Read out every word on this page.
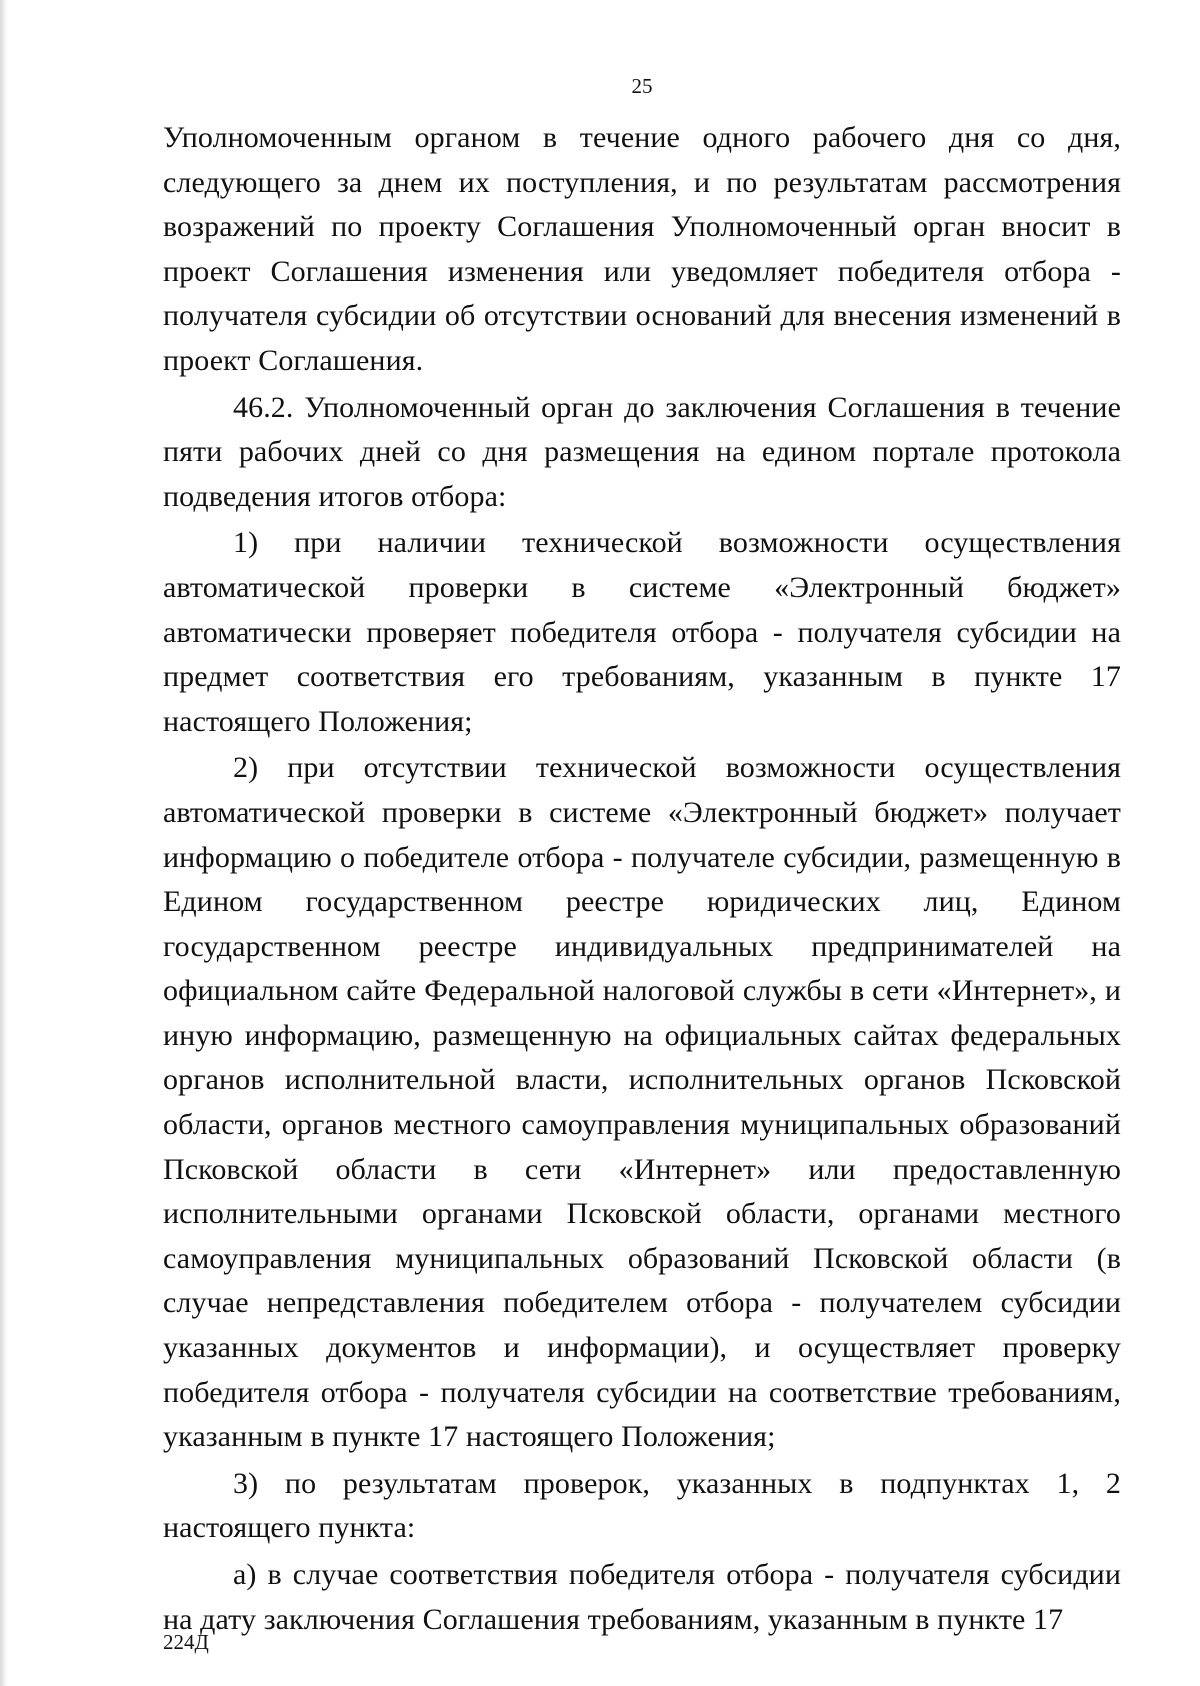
25

Уполномоченным органом в течение одного рабочего дня со дня, следующего за днем их поступления, и по результатам рассмотрения возражений по проекту Соглашения Уполномоченный орган вносит в проект Соглашения изменения или уведомляет победителя отбора - получателя субсидии об отсутствии оснований для внесения изменений в проект Соглашения.

46.2. Уполномоченный орган до заключения Соглашения в течение пяти рабочих дней со дня размещения на едином портале протокола подведения итогов отбора:

1) при наличии технической возможности осуществления автоматической проверки в системе «Электронный бюджет» автоматически проверяет победителя отбора - получателя субсидии на предмет соответствия его требованиям, указанным в пункте 17 настоящего Положения;

2) при отсутствии технической возможности осуществления автоматической проверки в системе «Электронный бюджет» получает информацию о победителе отбора - получателе субсидии, размещенную в Едином государственном реестре юридических лиц, Едином государственном реестре индивидуальных предпринимателей на официальном сайте Федеральной налоговой службы в сети «Интернет», и иную информацию, размещенную на официальных сайтах федеральных органов исполнительной власти, исполнительных органов Псковской области, органов местного самоуправления муниципальных образований Псковской области в сети «Интернет» или предоставленную исполнительными органами Псковской области, органами местного самоуправления муниципальных образований Псковской области (в случае непредставления победителем отбора - получателем субсидии указанных документов и информации), и осуществляет проверку победителя отбора - получателя субсидии на соответствие требованиям, указанным в пункте 17 настоящего Положения;

3) по результатам проверок, указанных в подпунктах 1, 2 настоящего пункта:

а) в случае соответствия победителя отбора - получателя субсидии на дату заключения Соглашения требованиям, указанным в пункте 17

224Д
